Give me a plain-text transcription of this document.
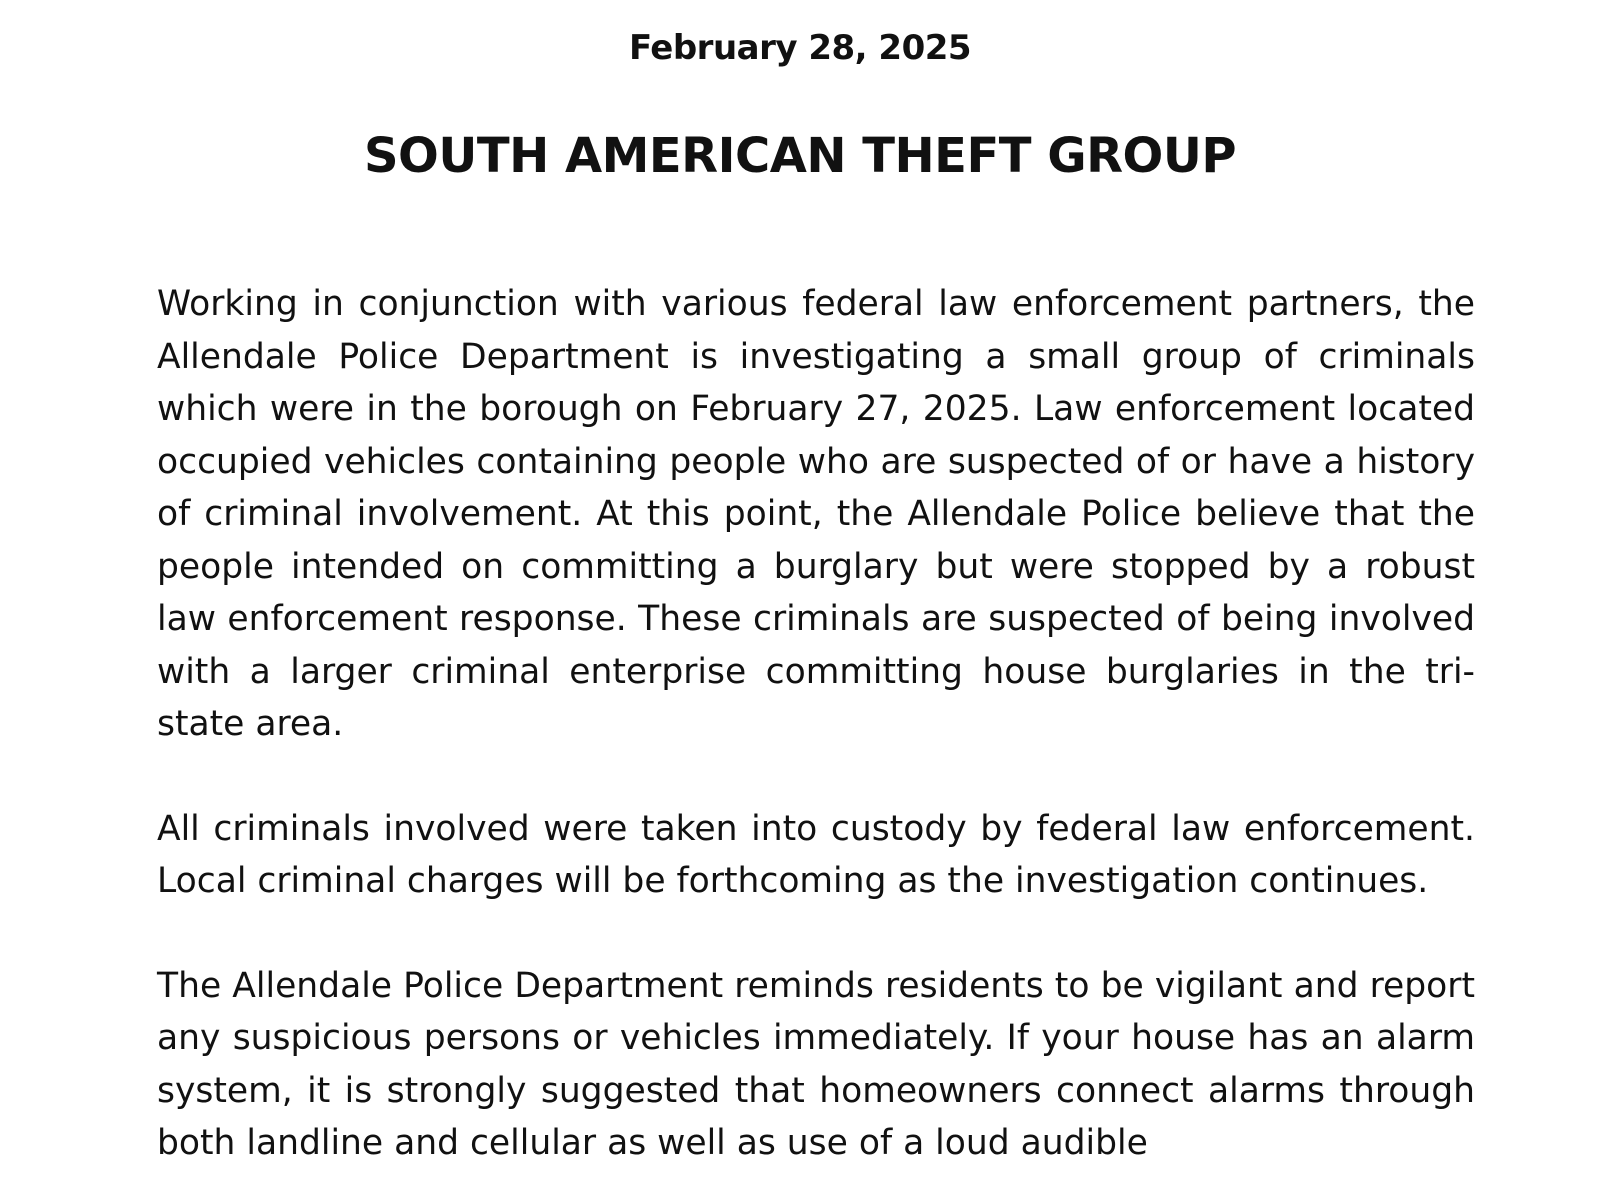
February 28, 2025

SOUTH AMERICAN THEFT GROUP

Working in conjunction with various federal law enforcement partners, the Allendale Police Department is investigating a small group of criminals which were in the borough on February 27, 2025. Law enforcement located occupied vehicles containing people who are suspected of or have a history of criminal involvement. At this point, the Allendale Police believe that the people intended on committing a burglary but were stopped by a robust law enforcement response. These criminals are suspected of being involved with a larger criminal enterprise committing house burglaries in the tri-state area.

All criminals involved were taken into custody by federal law enforcement. Local criminal charges will be forthcoming as the investigation continues.

The Allendale Police Department reminds residents to be vigilant and report any suspicious persons or vehicles immediately. If your house has an alarm system, it is strongly suggested that homeowners connect alarms through both landline and cellular as well as use of a loud audible
